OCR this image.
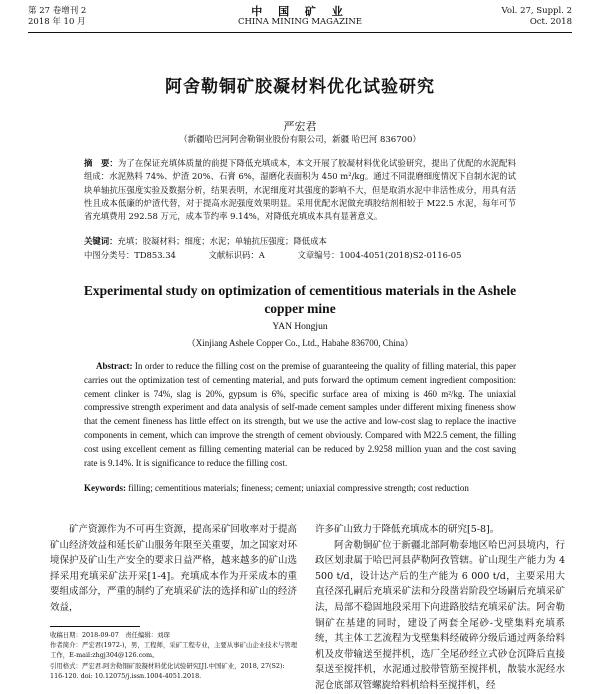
第 27 卷增刊 2
2018 年 10 月
中 国 矿 业
CHINA MINING MAGAZINE
Vol. 27, Suppl. 2
Oct. 2018
阿舍勒铜矿胶凝材料优化试验研究
严宏君
（新疆哈巴河阿舍勒铜业股份有限公司，新疆 哈巴河 836700）
摘　要：为了在保证充填体质量的前提下降低充填成本，本文开展了胶凝材料优化试验研究，提出了优配的水泥配料组成：水泥熟料 74%、炉渣 20%、石膏 6%，湿磨化表面积为 450 m²/kg。通过不同混磨细度情况下自制水泥的试块单轴抗压强度实验及数据分析，结果表明，水泥细度对其强度的影响不大，但是取消水泥中非活性成分，用具有活性且成本低廉的炉渣代替，对于提高水泥强度效果明显。采用优配水泥做充填胶结剂相较于 M22.5 水泥，每年可节省充填费用 292.58 万元，成本节约率 9.14%，对降低充填成本具有显著意义。
关键词：充填；胶凝材料；细度；水泥；单轴抗压强度；降低成本
中图分类号：TD853.34	文献标识码：A	文章编号：1004-4051(2018)S2-0116-05
Experimental study on optimization of cementitious materials in the Ashele copper mine
YAN Hongjun
（Xinjiang Ashele Copper Co., Ltd., Habahe 836700, China）
Abstract: In order to reduce the filling cost on the premise of guaranteeing the quality of filling material, this paper carries out the optimization test of cementing material, and puts forward the optimum cement ingredient composition: cement clinker is 74%, slag is 20%, gypsum is 6%, specific surface area of mixing is 460 m²/kg. The uniaxial compressive strength experiment and data analysis of self-made cement samples under different mixing fineness show that the cement fineness has little effect on its strength, but we use the active and low-cost slag to replace the inactive components in cement, which can improve the strength of cement obviously. Compared with M22.5 cement, the filling cost using excellent cement as filling cementing material can be reduced by 2.9258 million yuan and the cost saving rate is 9.14%. It is significance to reduce the filling cost.
Keywords: filling; cementitious materials; fineness; cement; uniaxial compressive strength; cost reduction
矿产资源作为不可再生资源，提高采矿回收率对于提高矿山经济效益和延长矿山服务年限至关重要，加之国家对环境保护及矿山生产安全的要求日益严格，越来越多的矿山选择采用充填采矿法开采[1-4]。充填成本作为开采成本的重要组成部分，严重的制约了充填采矿法的选择和矿山的经济效益，

许多矿山致力于降低充填成本的研究[5-8]。

阿舍勒铜矿位于新疆北部阿勒泰地区哈巴河县境内，行政区划隶属于哈巴河县萨勒阿孜管辖。矿山现生产能力为 4 500 t/d，设计达产后的生产能为 6 000 t/d，主要采用大直径深孔嗣后充填采矿法和分段凿岩阶段空场嗣后充填采矿法，局部不稳固地段采用下向进路胶结充填采矿法。阿舍勒铜矿在基建的同时，建设了两套全尾砂-戈壁集料充填系统，其主体工艺流程为戈壁集料经破碎分级后通过两条给料机及皮带输送至搅拌机，选厂全尾砂经立式砂仓沉降后直接泵送至搅拌机，水泥通过胶带管筋至搅拌机，散装水泥经水泥仓底部双管螺旋给料机给料至搅拌机，经

收稿日期：2018-09-07　责任编辑：刘琛
作者简介：严宏君(1972-)，男，工程师，采矿工程专业，主要从事矿山企业技术与管理工作，E-mail:zhgj304@126.com。
引用格式：严宏君.阿舍勒铜矿胶凝材料优化试验研究[J].中国矿业，2018, 27(S2): 116-120. doi: 10.12075/j.issn.1004-4051.2018.
